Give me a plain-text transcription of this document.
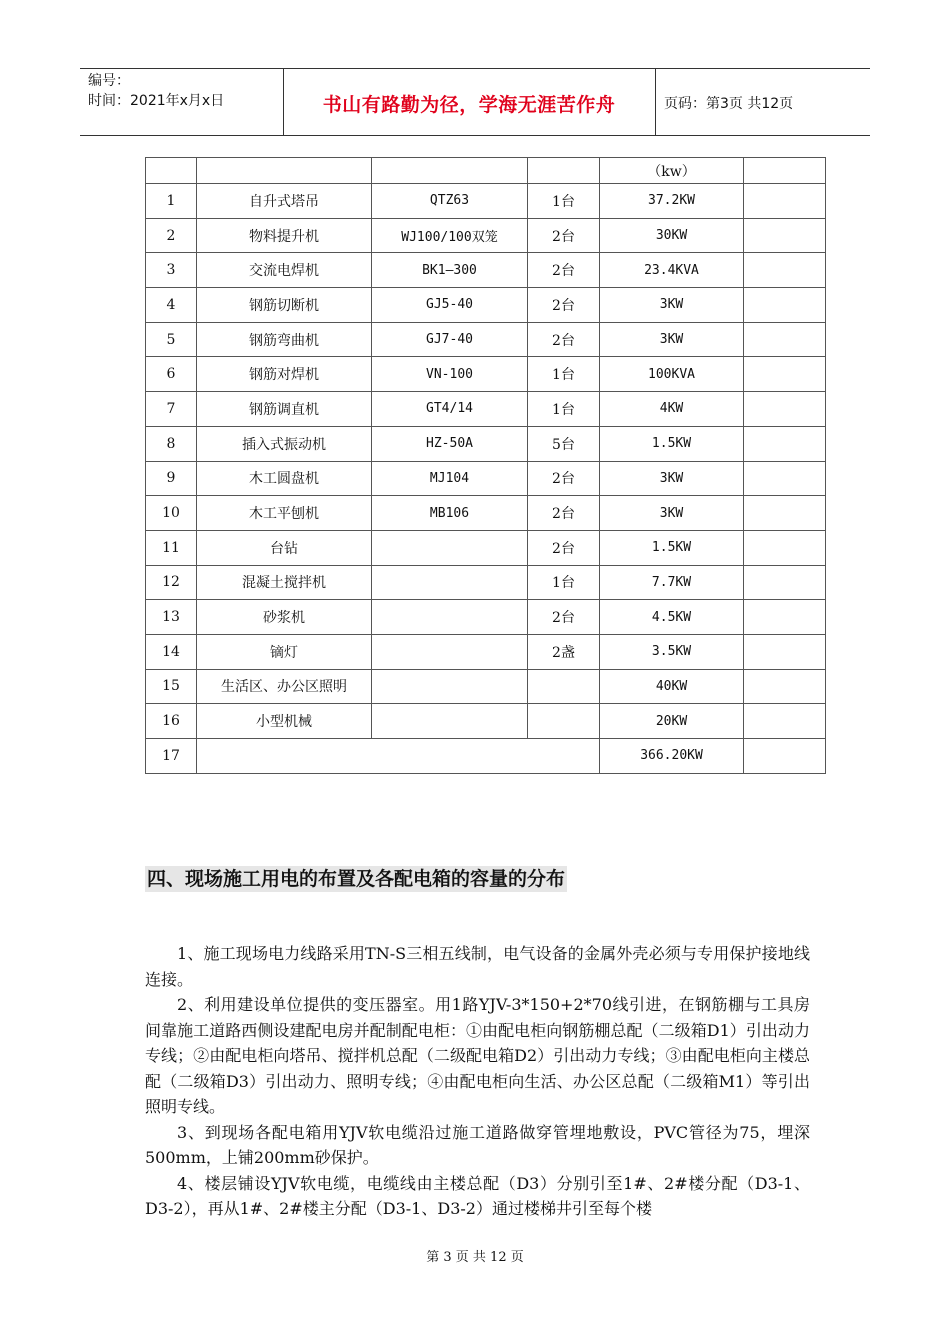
编号：
时间：2021年x月x日	书山有路勤为径，学海无涯苦作舟	页码：第3页 共12页
				（kw）	
1	自升式塔吊	QTZ63	1台	37.2KW	
2	物料提升机	WJ100/100双笼	2台	30KW	
3	交流电焊机	BK1—300	2台	23.4KVA	
4	钢筋切断机	GJ5-40	2台	3KW	
5	钢筋弯曲机	GJ7-40	2台	3KW	
6	钢筋对焊机	VN-100	1台	100KVA	
7	钢筋调直机	GT4/14	1台	4KW	
8	插入式振动机	HZ-50A	5台	1.5KW	
9	木工圆盘机	MJ104	2台	3KW	
10	木工平刨机	MB106	2台	3KW	
11	台钻		2台	1.5KW	
12	混凝土搅拌机		1台	7.7KW	
13	砂浆机		2台	4.5KW	
14	镝灯		2盏	3.5KW	
15	生活区、办公区照明			40KW	
16	小型机械			20KW	
17				366.20KW	
四、现场施工用电的布置及各配电箱的容量的分布

1、施工现场电力线路采用TN-S三相五线制，电气设备的金属外壳必须与专用保护接地线连接。

2、利用建设单位提供的变压器室。用1路YJV-3*150+2*70线引进，在钢筋棚与工具房间靠施工道路西侧设建配电房并配制配电柜：①由配电柜向钢筋棚总配（二级箱D1）引出动力专线；②由配电柜向塔吊、搅拌机总配（二级配电箱D2）引出动力专线；③由配电柜向主楼总配（二级箱D3）引出动力、照明专线；④由配电柜向生活、办公区总配（二级箱M1）等引出照明专线。

3、到现场各配电箱用YJV软电缆沿过施工道路做穿管埋地敷设，PVC管径为75，埋深500mm，上铺200mm砂保护。

4、楼层铺设YJV软电缆，电缆线由主楼总配（D3）分别引至1#、2#楼分配（D3-1、D3-2），再从1#、2#楼主分配（D3-1、D3-2）通过楼梯井引至每个楼

第 3 页 共 12 页
